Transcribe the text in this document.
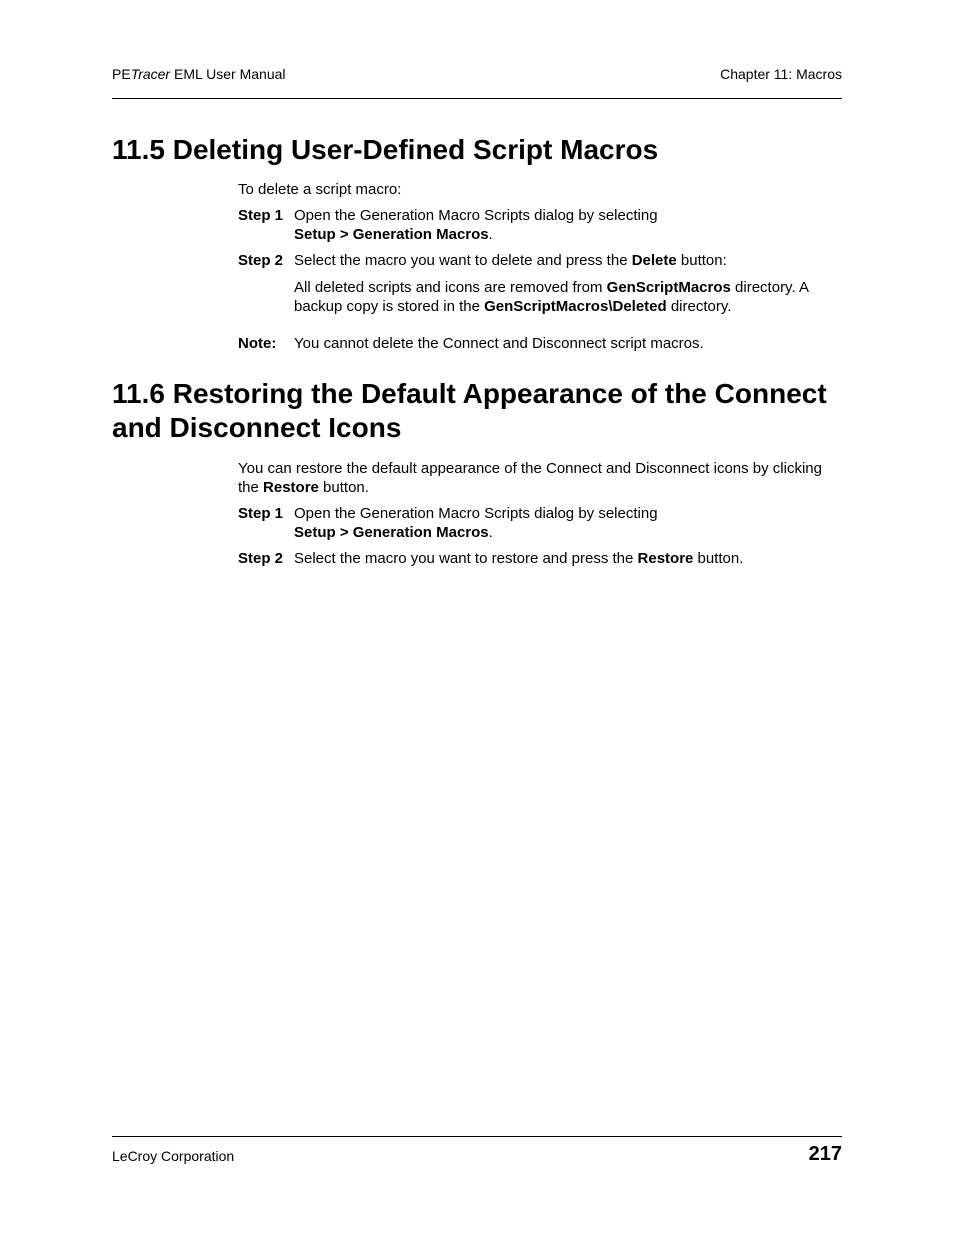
PETracer EML User Manual	Chapter 11: Macros
11.5 Deleting User-Defined Script Macros
To delete a script macro:
Step 1 Open the Generation Macro Scripts dialog by selecting
Setup > Generation Macros.
Step 2 Select the macro you want to delete and press the Delete button:
All deleted scripts and icons are removed from GenScriptMacros directory. A backup copy is stored in the GenScriptMacros\Deleted directory.
Note: You cannot delete the Connect and Disconnect script macros.
11.6 Restoring the Default Appearance of the Connect
and Disconnect Icons
You can restore the default appearance of the Connect and Disconnect icons by clicking the Restore button.
Step 1 Open the Generation Macro Scripts dialog by selecting
Setup > Generation Macros.
Step 2 Select the macro you want to restore and press the Restore button.
LeCroy Corporation	217
